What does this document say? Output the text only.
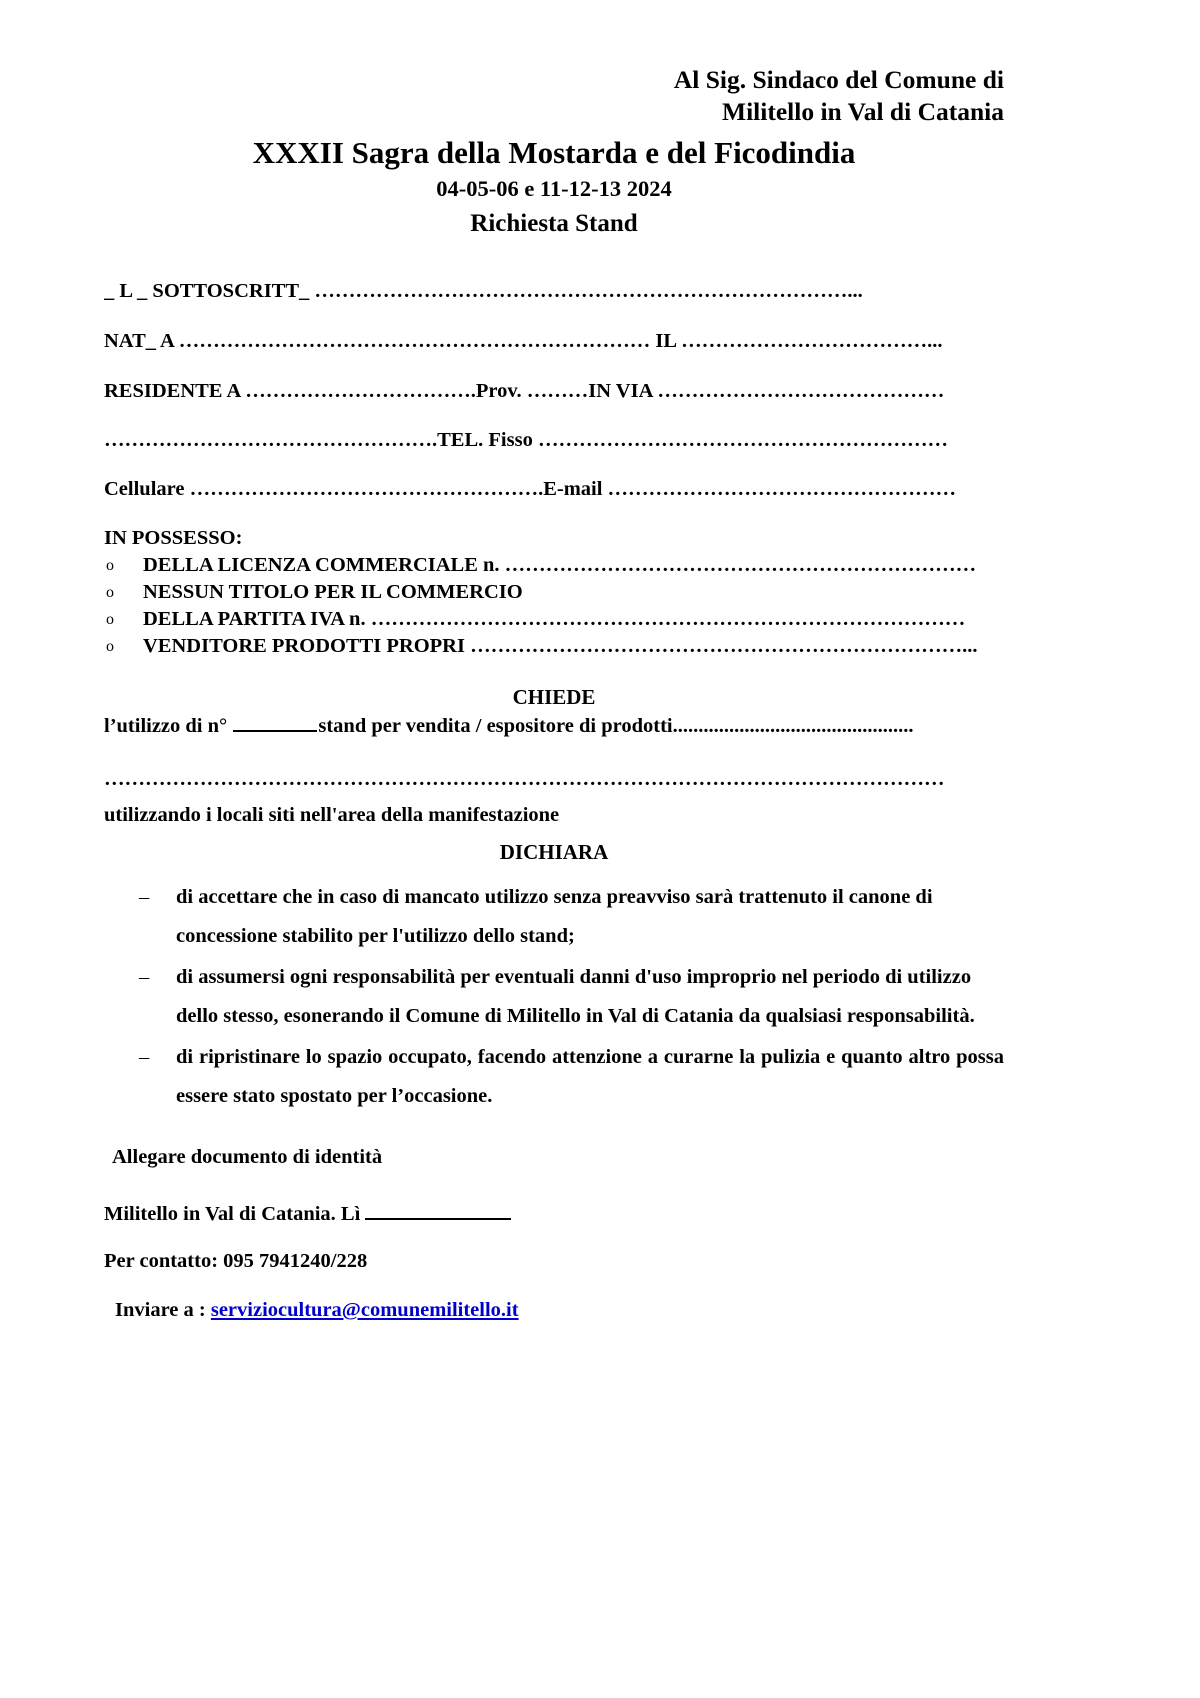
Al Sig. Sindaco del Comune di
Militello in Val di Catania
XXXII Sagra della Mostarda e del Ficodindia
04-05-06 e 11-12-13 2024
Richiesta Stand
_ L _ SOTTOSCRITT_ ……………………………………………………………………...
NAT_ A …………………………………………………………… IL ………………………………...
RESIDENTE A …………………………….Prov. ………IN VIA ……………………………………
………………………………………….TEL. Fisso ……………………………………………………
Cellulare …………………………………………….E-mail ……………………………………………
IN POSSESSO:
o DELLA LICENZA COMMERCIALE n. ……………………………………………………………
o NESSUN TITOLO PER IL COMMERCIO
o DELLA PARTITA IVA n. ……………………………………………………………………………
o VENDITORE PRODOTTI PROPRI ………………………………………………………………...
CHIEDE
l’utilizzo di n°	stand per vendita / espositore di prodotti...............................................
……………………………………………………………………………………………………………
utilizzando i locali siti nell'area della manifestazione
DICHIARA
– di accettare che in caso di mancato utilizzo senza preavviso sarà trattenuto il canone di concessione stabilito per l'utilizzo dello stand;
– di assumersi ogni responsabilità per eventuali danni d'uso improprio nel periodo di utilizzo dello stesso, esonerando il Comune di Militello in Val di Catania da qualsiasi responsabilità.
– di ripristinare lo spazio occupato, facendo attenzione a curarne la pulizia e quanto altro possa essere stato spostato per l’occasione.
Allegare documento di identità
Militello in Val di Catania. Lì
Per contatto: 095 7941240/228
Inviare a : serviziocultura@comunemilitello.it
